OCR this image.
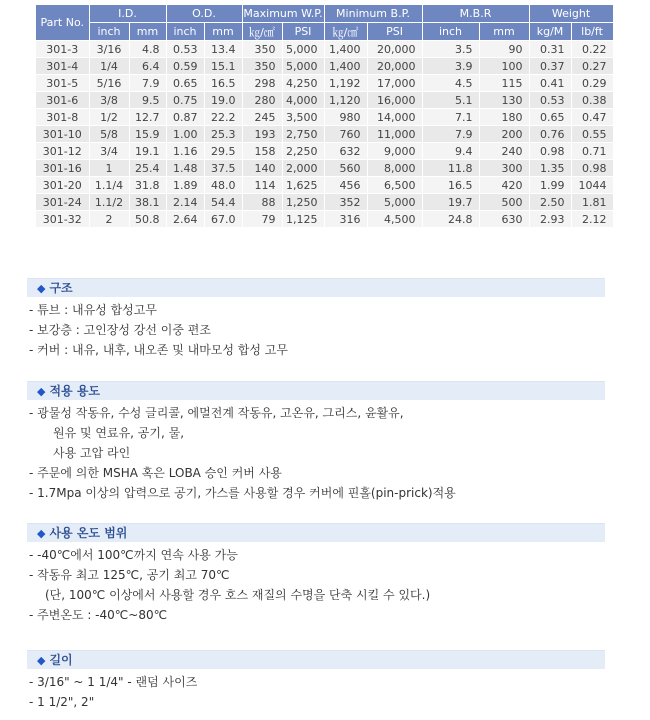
Part No.	I.D.		O.D.		Maximum W.P.		Minimum B.P.		M.B.R		Weight	
	inch	mm	inch	mm	㎏/㎠	PSI	㎏/㎠	PSI	inch	mm	kg/M	lb/ft
301-3	3/16	4.8	0.53	13.4	350	5,000	1,400	20,000	3.5	90	0.31	0.22
301-4	1/4	6.4	0.59	15.1	350	5,000	1,400	20,000	3.9	100	0.37	0.27
301-5	5/16	7.9	0.65	16.5	298	4,250	1,192	17,000	4.5	115	0.41	0.29
301-6	3/8	9.5	0.75	19.0	280	4,000	1,120	16,000	5.1	130	0.53	0.38
301-8	1/2	12.7	0.87	22.2	245	3,500	980	14,000	7.1	180	0.65	0.47
301-10	5/8	15.9	1.00	25.3	193	2,750	760	11,000	7.9	200	0.76	0.55
301-12	3/4	19.1	1.16	29.5	158	2,250	632	9,000	9.4	240	0.98	0.71
301-16	1	25.4	1.48	37.5	140	2,000	560	8,000	11.8	300	1.35	0.98
301-20	1.1/4	31.8	1.89	48.0	114	1,625	456	6,500	16.5	420	1.99	1044
301-24	1.1/2	38.1	2.14	54.4	88	1,250	352	5,000	19.7	500	2.50	1.81
301-32	2	50.8	2.64	67.0	79	1,125	316	4,500	24.8	630	2.93	2.12
◆ 구조
- 튜브 : 내유성 합성고무
- 보강층 : 고인장성 강선 이중 편조
- 커버 : 내유, 내후, 내오존 및 내마모성 합성 고무
◆ 적용 용도
- 광물성 작동유, 수성 글리콜, 에멀전계 작동유, 고온유, 그리스, 윤활유,
원유 및 연료유, 공기, 물,
사용 고압 라인
- 주문에 의한 MSHA 혹은 LOBA 승인 커버 사용
- 1.7Mpa 이상의 압력으로 공기, 가스를 사용할 경우 커버에 핀홀(pin-prick)적용
◆ 사용 온도 범위
- -40℃에서 100℃까지 연속 사용 가능
- 작동유 최고 125℃, 공기 최고 70℃
(단, 100℃ 이상에서 사용할 경우 호스 재질의 수명을 단축 시킬 수 있다.)
- 주변온도 : -40℃~80℃
◆ 길이
- 3/16" ~ 1 1/4" - 랜덤 사이즈
- 1 1/2", 2"
